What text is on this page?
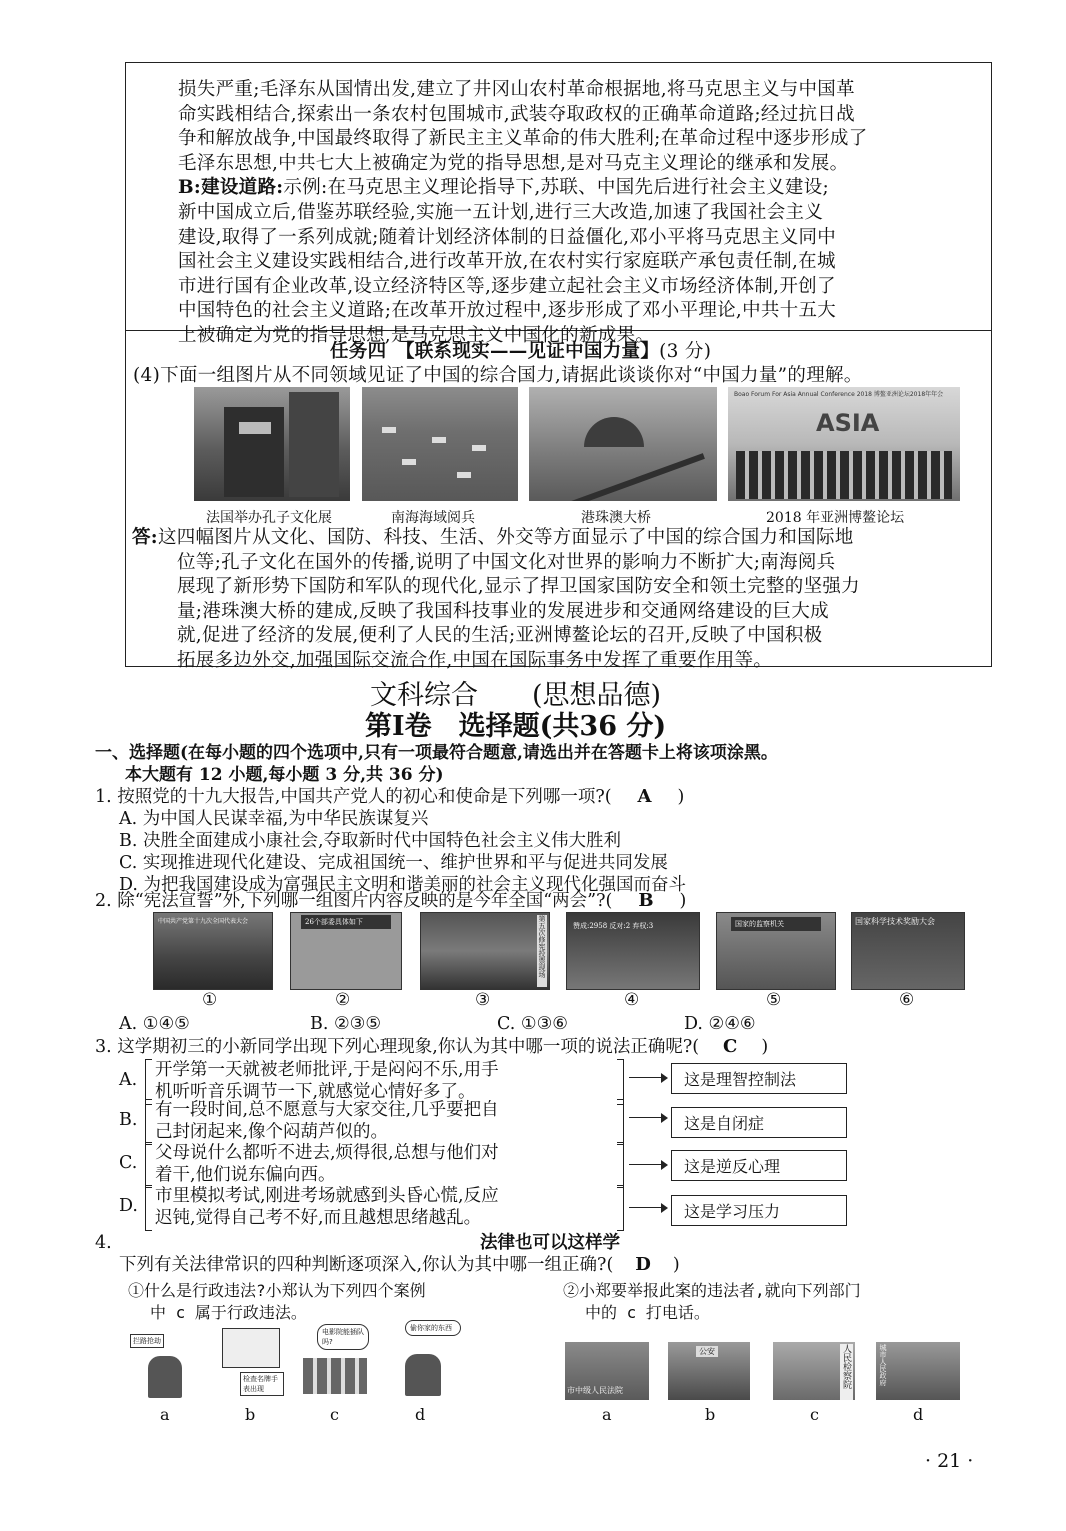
损失严重;毛泽东从国情出发,建立了井冈山农村革命根据地,将马克思主义与中国革
命实践相结合,探索出一条农村包围城市,武装夺取政权的正确革命道路;经过抗日战
争和解放战争,中国最终取得了新民主主义革命的伟大胜利;在革命过程中逐步形成了
毛泽东思想,中共七大上被确定为党的指导思想,是对马克主义理论的继承和发展。
B:建设道路:示例:在马克思主义理论指导下,苏联、中国先后进行社会主义建设;
新中国成立后,借鉴苏联经验,实施一五计划,进行三大改造,加速了我国社会主义
建设,取得了一系列成就;随着计划经济体制的日益僵化,邓小平将马克思主义同中
国社会主义建设实践相结合,进行改革开放,在农村实行家庭联产承包责任制,在城
市进行国有企业改革,设立经济特区等,逐步建立起社会主义市场经济体制,开创了
中国特色的社会主义道路;在改革开放过程中,逐步形成了邓小平理论,中共十五大
上被确定为党的指导思想,是马克思主义中国化的新成果。
任务四　【联系现实——见证中国力量】(3 分)
(4)下面一组图片从不同领域见证了中国的综合国力,请据此谈谈你对“中国力量”的理解。
Boao Forum For Asia Annual Conference 2018 博鳌亚洲论坛2018年年会
ASIA
法国举办孔子文化展	南海海域阅兵	港珠澳大桥	2018 年亚洲博鳌论坛
答:这四幅图片从文化、国防、科技、生活、外交等方面显示了中国的综合国力和国际地
位等;孔子文化在国外的传播,说明了中国文化对世界的影响力不断扩大;南海阅兵
展现了新形势下国防和军队的现代化,显示了捍卫国家国防安全和领土完整的坚强力
量;港珠澳大桥的建成,反映了我国科技事业的发展进步和交通网络建设的巨大成
就,促进了经济的发展,便利了人民的生活;亚洲博鳌论坛的召开,反映了中国积极
拓展多边外交,加强国际交流合作,中国在国际事务中发挥了重要作用等。
文科综合　　(思想品德)
第Ⅰ卷　选择题(共36 分)
一、选择题(在每小题的四个选项中,只有一项最符合题意,请选出并在答题卡上将该项涂黑。
本大题有 12 小题,每小题 3 分,共 36 分)
1. 按照党的十九大报告,中国共产党人的初心和使命是下列哪一项?( A )
A. 为中国人民谋幸福,为中华民族谋复兴
B. 决胜全面建成小康社会,夺取新时代中国特色社会主义伟大胜利
C. 实现推进现代化建设、完成祖国统一、维护世界和平与促进共同发展
D. 为把我国建设成为富强民主文明和谐美丽的社会主义现代化强国而奋斗
2. 除“宪法宣誓”外,下列哪一组图片内容反映的是今年全国“两会”?( B )
中国共产党第十九次全国代表大会	26个部委具体如下	第五次修宪投票现场	赞成:2958 反对:2 弃权:3	国家的监察机关	国家科学技术奖励大会
①	②	③	④	⑤	⑥
A. ①④⑤	B. ②③⑤	C. ①③⑥	D. ②④⑥
3. 这学期初三的小新同学出现下列心理现象,你认为其中哪一项的说法正确呢?( C )
A. 开学第一天就被老师批评,于是闷闷不乐,用手
机听听音乐调节一下,就感觉心情好多了。
这是理智控制法
B. 有一段时间,总不愿意与大家交往,几乎要把自
己封闭起来,像个闷葫芦似的。	这是自闭症
C. 父母说什么都听不进去,烦得很,总想与他们对
着干,他们说东偏向西。	这是逆反心理
D. 市里模拟考试,刚进考场就感到头昏心慌,反应
迟钝,觉得自己考不好,而且越想思绪越乱。	这是学习压力
4.	法律也可以这样学
下列有关法律常识的四种判断逐项深入,你认为其中哪一组正确?( D )
①什么是行政违法?小郑认为下列四个案例
中 c 属于行政违法。
②小郑要举报此案的违法者,就向下列部门
中的 c 打电话。
拦路抢劫
检查名牌手表出现
电影院能插队吗?
偷你家的东西
a	b	c	d
市中级人民法院
公安	人民检察院	城市人民政府
a	b	c	d
· 21 ·
